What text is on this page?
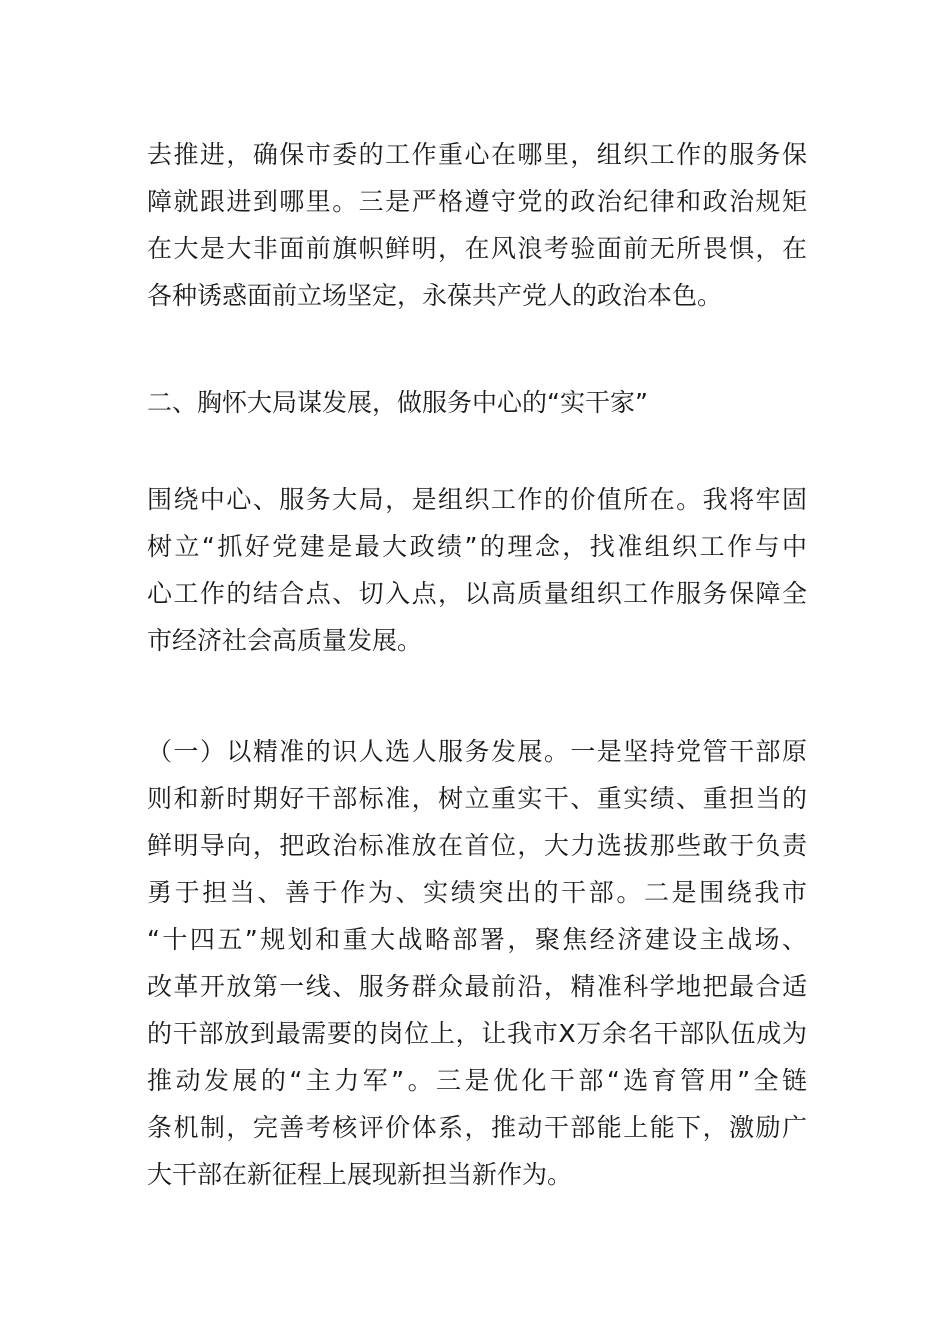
去推进，确保市委的工作重心在哪里，组织工作的服务保
障就跟进到哪里。三是严格遵守党的政治纪律和政治规矩
在大是大非面前旗帜鲜明，在风浪考验面前无所畏惧，在
各种诱惑面前立场坚定，永葆共产党人的政治本色。
二、胸怀大局谋发展，做服务中心的“实干家”
围绕中心、服务大局，是组织工作的价值所在。我将牢固
树立“抓好党建是最大政绩”的理念，找准组织工作与中
心工作的结合点、切入点，以高质量组织工作服务保障全
市经济社会高质量发展。
（一）以精准的识人选人服务发展。一是坚持党管干部原
则和新时期好干部标准，树立重实干、重实绩、重担当的
鲜明导向，把政治标准放在首位，大力选拔那些敢于负责
勇于担当、善于作为、实绩突出的干部。二是围绕我市
“十四五”规划和重大战略部署，聚焦经济建设主战场、
改革开放第一线、服务群众最前沿，精准科学地把最合适
的干部放到最需要的岗位上，让我市X万余名干部队伍成为
推动发展的“主力军”。三是优化干部“选育管用”全链
条机制，完善考核评价体系，推动干部能上能下，激励广
大干部在新征程上展现新担当新作为。
